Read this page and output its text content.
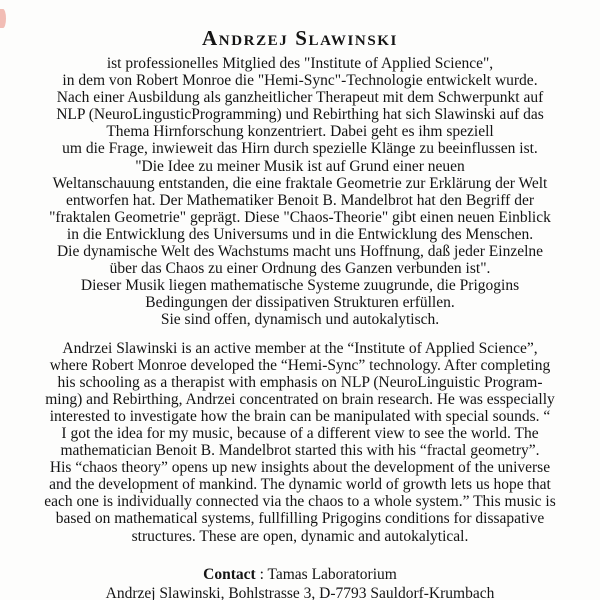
Andrzej Slawinski
ist professionelles Mitglied des "Institute of Applied Science",
in dem von Robert Monroe die "Hemi-Sync"-Technologie entwickelt wurde.
Nach einer Ausbildung als ganzheitlicher Therapeut mit dem Schwerpunkt auf
NLP (NeuroLingusticProgramming) und Rebirthing hat sich Slawinski auf das
Thema Hirnforschung konzentriert. Dabei geht es ihm speziell
um die Frage, inwieweit das Hirn durch spezielle Klänge zu beeinflussen ist.
"Die Idee zu meiner Musik ist auf Grund einer neuen
Weltanschauung entstanden, die eine fraktale Geometrie zur Erklärung der Welt
entworfen hat. Der Mathematiker Benoit B. Mandelbrot hat den Begriff der
"fraktalen Geometrie" geprägt. Diese "Chaos-Theorie" gibt einen neuen Einblick
in die Entwicklung des Universums und in die Entwicklung des Menschen.
Die dynamische Welt des Wachstums macht uns Hoffnung, daß jeder Einzelne
über das Chaos zu einer Ordnung des Ganzen verbunden ist".
Dieser Musik liegen mathematische Systeme zuugrunde, die Prigogins
Bedingungen der dissipativen Strukturen erfüllen.
Sie sind offen, dynamisch und autokalytisch.
Andrzei Slawinski is an active member at the “Institute of Applied Science”,
where Robert Monroe developed the “Hemi-Sync” technology. After completing
his schooling as a therapist with emphasis on NLP (NeuroLinguistic Program-
ming) and Rebirthing, Andrzei concentrated on brain research. He was esspecially
interested to investigate how the brain can be manipulated with special sounds. “
I got the idea for my music, because of a different view to see the world. The
mathematician Benoit B. Mandelbrot started this with his “fractal geometry”.
His “chaos theory” opens up new insights about the development of the universe
and the development of mankind. The dynamic world of growth lets us hope that
each one is individually connected via the chaos to a whole system.” This music is
based on mathematical systems, fullfilling Prigogins conditions for dissapative
structures. These are open, dynamic and autokalytical.
Contact : Tamas Laboratorium
Andrzej Slawinski, Bohlstrasse 3, D-7793 Sauldorf-Krumbach
